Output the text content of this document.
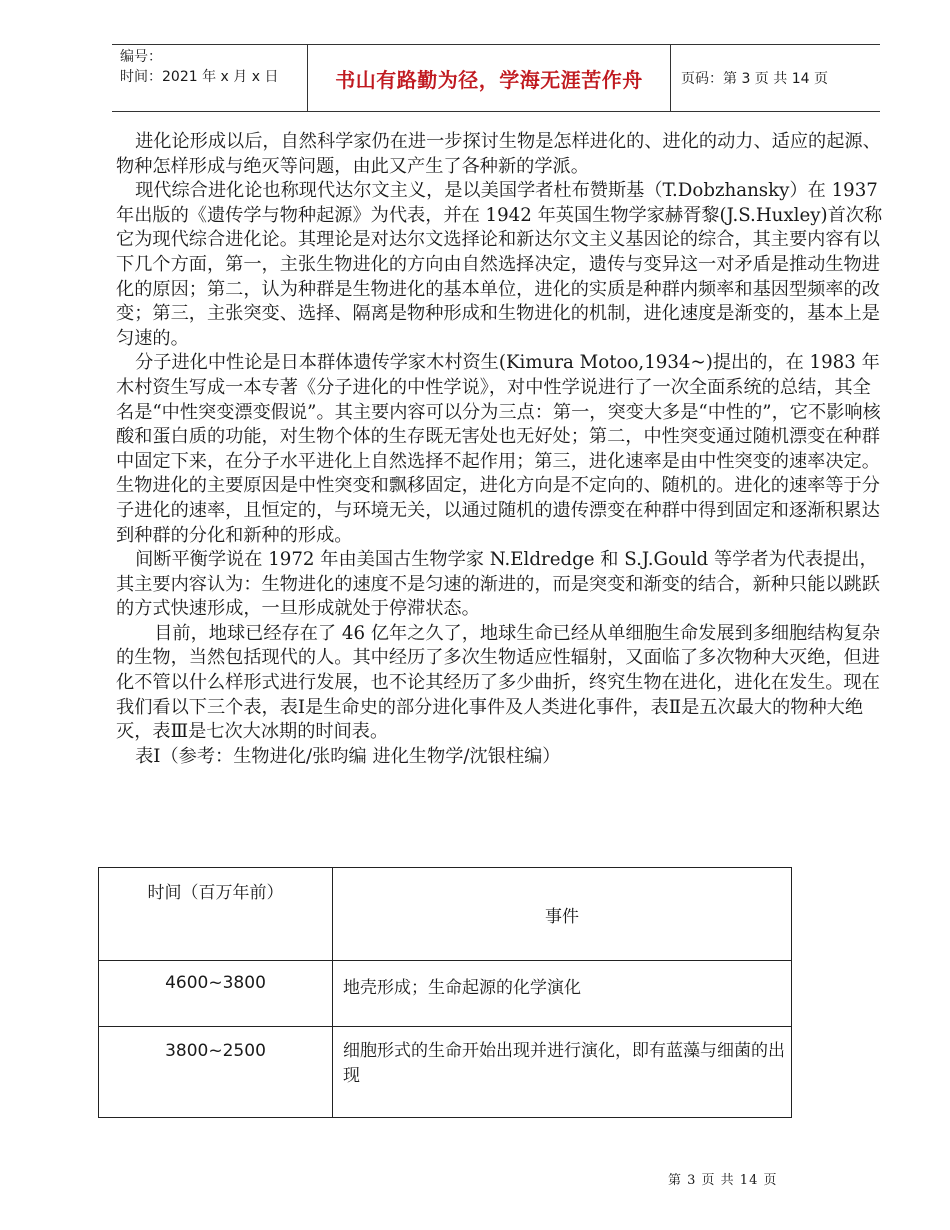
编号：
时间：2021 年 x 月 x 日	书山有路勤为径，学海无涯苦作舟	页码：第 3 页 共 14 页

进化论形成以后，自然科学家仍在进一步探讨生物是怎样进化的、进化的动力、适应的起源、物种怎样形成与绝灭等问题，由此又产生了各种新的学派。

现代综合进化论也称现代达尔文主义，是以美国学者杜布赞斯基（T.Dobzhansky）在 1937 年出版的《遗传学与物种起源》为代表，并在 1942 年英国生物学家赫胥黎(J.S.Huxley)首次称它为现代综合进化论。其理论是对达尔文选择论和新达尔文主义基因论的综合，其主要内容有以下几个方面，第一，主张生物进化的方向由自然选择决定，遗传与变异这一对矛盾是推动生物进化的原因；第二，认为种群是生物进化的基本单位，进化的实质是种群内频率和基因型频率的改变；第三，主张突变、选择、隔离是物种形成和生物进化的机制，进化速度是渐变的，基本上是匀速的。

分子进化中性论是日本群体遗传学家木村资生(Kimura Motoo,1934~)提出的，在 1983 年木村资生写成一本专著《分子进化的中性学说》，对中性学说进行了一次全面系统的总结，其全名是“中性突变漂变假说”。其主要内容可以分为三点：第一，突变大多是“中性的”，它不影响核酸和蛋白质的功能，对生物个体的生存既无害处也无好处；第二，中性突变通过随机漂变在种群中固定下来，在分子水平进化上自然选择不起作用；第三，进化速率是由中性突变的速率决定。生物进化的主要原因是中性突变和飘移固定，进化方向是不定向的、随机的。进化的速率等于分子进化的速率，且恒定的，与环境无关，以通过随机的遗传漂变在种群中得到固定和逐渐积累达到种群的分化和新种的形成。

间断平衡学说在 1972 年由美国古生物学家 N.Eldredge 和 S.J.Gould 等学者为代表提出，其主要内容认为：生物进化的速度不是匀速的渐进的，而是突变和渐变的结合，新种只能以跳跃的方式快速形成，一旦形成就处于停滞状态。

目前，地球已经存在了 46 亿年之久了，地球生命已经从单细胞生命发展到多细胞结构复杂的生物，当然包括现代的人。其中经历了多次生物适应性辐射，又面临了多次物种大灭绝，但进化不管以什么样形式进行发展，也不论其经历了多少曲折，终究生物在进化，进化在发生。现在我们看以下三个表，表Ⅰ是生命史的部分进化事件及人类进化事件，表Ⅱ是五次最大的物种大绝灭，表Ⅲ是七次大冰期的时间表。

表Ⅰ（参考：生物进化/张昀编 进化生物学/沈银柱编）

时间（百万年前）	事件
4600~3800	地壳形成；生命起源的化学演化
3800~2500	细胞形式的生命开始出现并进行演化，即有蓝藻与细菌的出现
第 3 页 共 14 页
